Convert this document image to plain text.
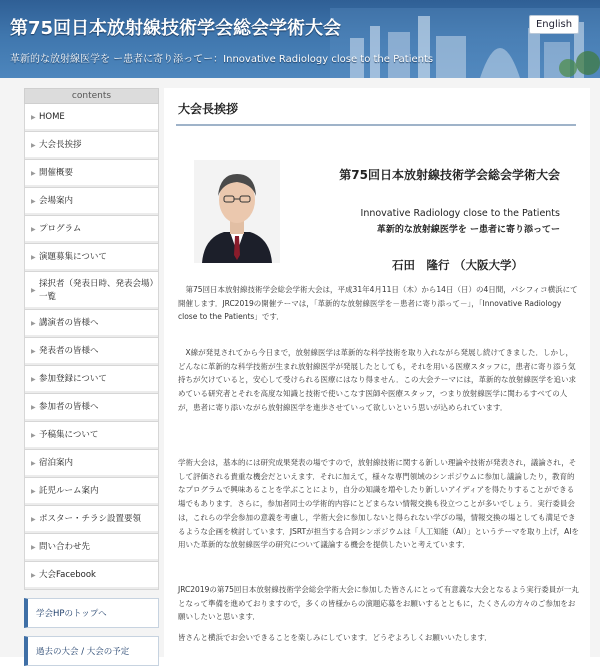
第75回日本放射線技術学会総会学術大会
革新的な放射線医学を ー患者に寄り添ってー：Innovative Radiology close to the Patients
English
contents
▶ HOME
▶ 大会長挨拶
▶ 開催概要
▶ 会場案内
▶ プログラム
▶ 演題募集について
▶
採択者（発表日時、発表会場）一覧
▶ 講演者の皆様へ
▶ 発表者の皆様へ
▶ 参加登録について
▶ 参加者の皆様へ
▶ 予稿集について
▶ 宿泊案内
▶ 託児ルーム案内
▶ ポスター・チラシ設置要領
▶ 問い合わせ先
▶ 大会Facebook
学会HPのトップへ
過去の大会 / 大会の予定
大会長挨拶
第75回日本放射線技術学会総会学術大会
Innovative Radiology close to the Patients
革新的な放射線医学を ー患者に寄り添ってー
石田　隆行 （大阪大学）

　第75回日本放射線技術学会総会学術大会は，平成31年4月11日（木）から14日（日）の4日間，パシフィコ横浜にて開催します．JRC2019の開催テーマは，「革新的な放射線医学を－患者に寄り添って－」，「Innovative Radiology close to the Patients」です．

　X線が発見されてから今日まで，放射線医学は革新的な科学技術を取り入れながら発展し続けてきました．しかし，どんなに革新的な科学技術が生まれ放射線医学が発展したとしても，それを用いる医療スタッフに，患者に寄り添う気持ちが欠けていると，安心して受けられる医療にはなり得ません．この大会テーマには，革新的な放射線医学を追い求めている研究者とそれを高度な知識と技術で使いこなす医師や医療スタッフ，つまり放射線医学に関わるすべての人が，患者に寄り添いながら放射線医学を進歩させていって欲しいという思いが込められています．

学術大会は，基本的には研究成果発表の場ですので，放射線技術に関する新しい理論や技術が発表され，議論され，そして評価される貴重な機会だといえます．それに加えて，様々な専門領域のシンポジウムに参加し議論したり，教育的なプログラムで興味あることを学ぶことにより，自分の知識を増やしたり新しいアイディアを得たりすることができる場でもあります．さらに，参加者同士の学術的内容にとどまらない情報交換も役立つことが多いでしょう．実行委員会は，これらの学会参加の意義を考慮し，学術大会に参加しないと得られない学びの場，情報交換の場としても満足できるような企画を検討しています．JSRTが担当する合同シンポジウムは「人工知能（AI）」というテーマを取り上げ，AIを用いた革新的な放射線医学の研究について議論する機会を提供したいと考えています．

JRC2019の第75回日本放射線技術学会総会学術大会に参加した皆さんにとって有意義な大会となるよう実行委員が一丸となって準備を進めておりますので，多くの皆様からの演題応募をお願いするとともに，たくさんの方々のご参加をお願いしたいと思います．

皆さんと横浜でお会いできることを楽しみにしています．どうぞよろしくお願いいたします．
